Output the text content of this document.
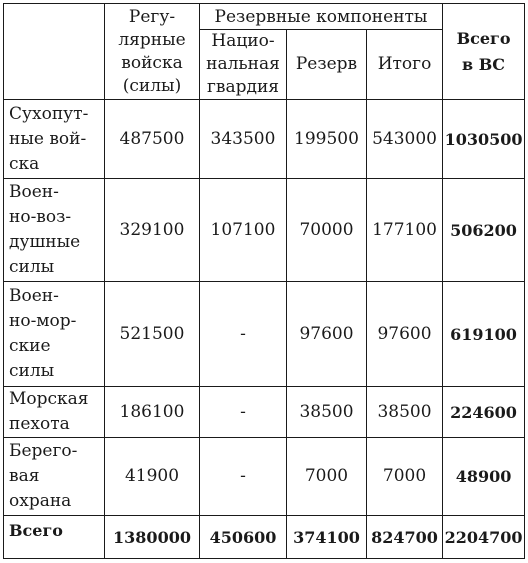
	Регу-
лярные
войска
(силы)	Резервные компоненты			Всего
в ВС
		Нацио-
нальная
гвардия	Резерв	Итого	
Сухопут-
ные вой-
ска	487500	343500	199500	543000	1030500
Воен-
но-воз-
душные
силы	329100	107100	70000	177100	506200
Воен-
но-мор-
ские
силы	521500	-	97600	97600	619100
Морская
пехота	186100	-	38500	38500	224600
Берего-
вая
охрана	41900	-	7000	7000	48900
Всего	1380000	450600	374100	824700	2204700
